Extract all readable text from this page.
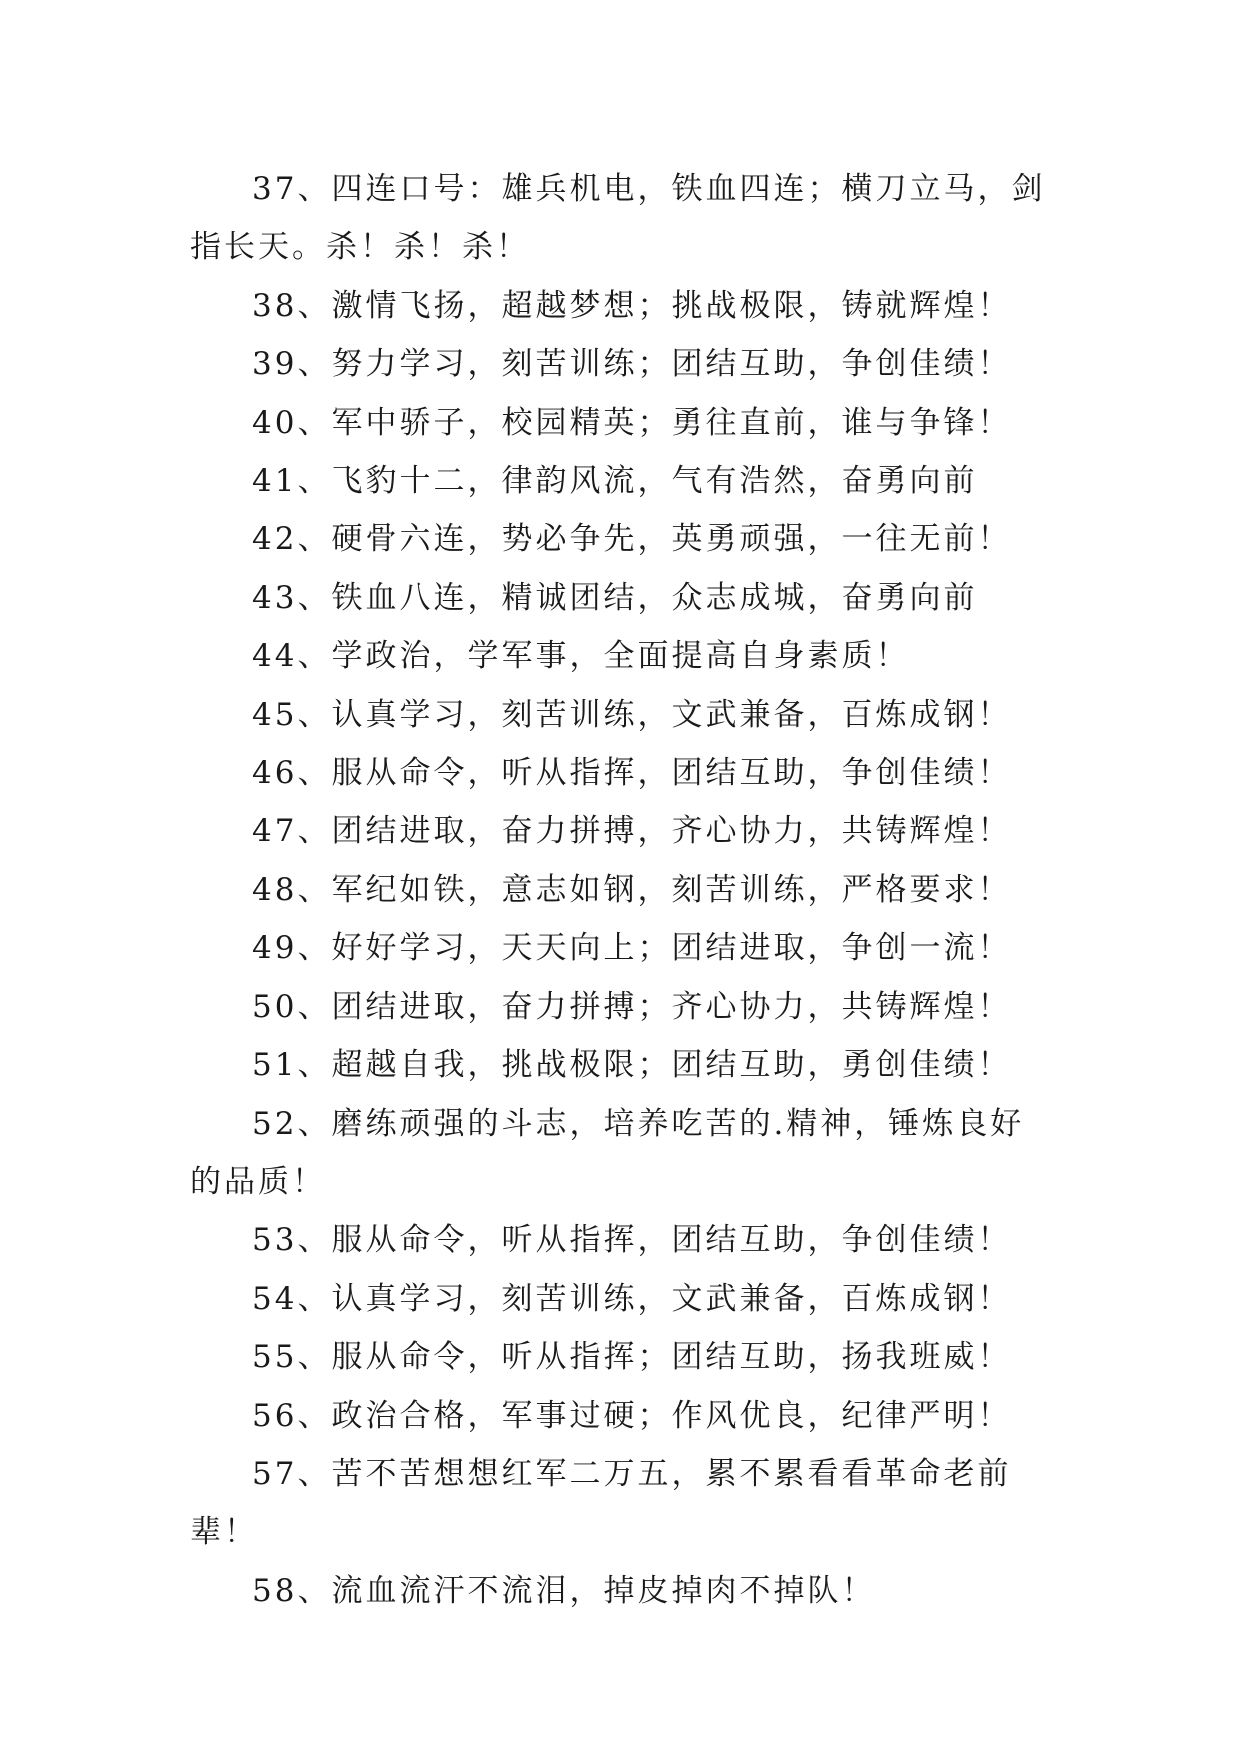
37、四连口号：雄兵机电，铁血四连；横刀立马，剑指长天。杀！杀！杀！

38、激情飞扬，超越梦想；挑战极限，铸就辉煌！

39、努力学习，刻苦训练；团结互助，争创佳绩！

40、军中骄子，校园精英；勇往直前，谁与争锋！

41、飞豹十二，律韵风流，气有浩然，奋勇向前

42、硬骨六连，势必争先，英勇顽强，一往无前！

43、铁血八连，精诚团结，众志成城，奋勇向前

44、学政治，学军事，全面提高自身素质！

45、认真学习，刻苦训练，文武兼备，百炼成钢！

46、服从命令，听从指挥，团结互助，争创佳绩！

47、团结进取，奋力拼搏，齐心协力，共铸辉煌！

48、军纪如铁，意志如钢，刻苦训练，严格要求！

49、好好学习，天天向上；团结进取，争创一流！

50、团结进取，奋力拼搏；齐心协力，共铸辉煌！

51、超越自我，挑战极限；团结互助，勇创佳绩！

52、磨练顽强的斗志，培养吃苦的.精神，锤炼良好的品质！

53、服从命令，听从指挥，团结互助，争创佳绩！

54、认真学习，刻苦训练，文武兼备，百炼成钢！

55、服从命令，听从指挥；团结互助，扬我班威！

56、政治合格，军事过硬；作风优良，纪律严明！

57、苦不苦想想红军二万五，累不累看看革命老前辈！

58、流血流汗不流泪，掉皮掉肉不掉队！
